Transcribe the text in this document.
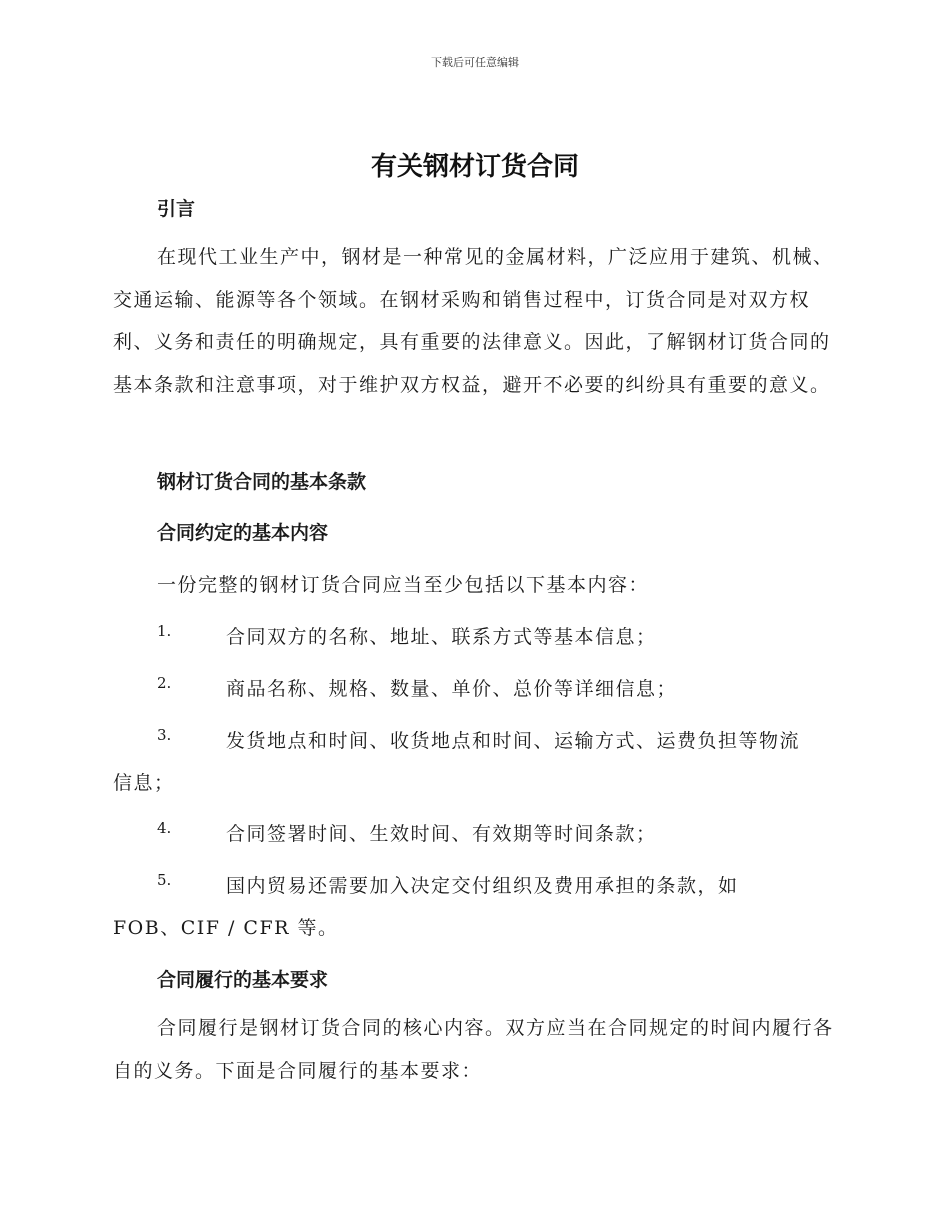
下载后可任意编辑
有关钢材订货合同
引言

在现代工业生产中，钢材是一种常见的金属材料，广泛应用于建筑、机械、交通运输、能源等各个领域。在钢材采购和销售过程中，订货合同是对双方权利、义务和责任的明确规定，具有重要的法律意义。因此，了解钢材订货合同的基本条款和注意事项，对于维护双方权益，避开不必要的纠纷具有重要的意义。

钢材订货合同的基本条款
合同约定的基本内容
一份完整的钢材订货合同应当至少包括以下基本内容：
1.	合同双方的名称、地址、联系方式等基本信息；
2.	商品名称、规格、数量、单价、总价等详细信息；
3.	发货地点和时间、收货地点和时间、运输方式、运费负担等物流
信息；
4.	合同签署时间、生效时间、有效期等时间条款；
5.	国内贸易还需要加入决定交付组织及费用承担的条款，如
FOB、CIF / CFR 等。
合同履行的基本要求

合同履行是钢材订货合同的核心内容。双方应当在合同规定的时间内履行各自的义务。下面是合同履行的基本要求：
